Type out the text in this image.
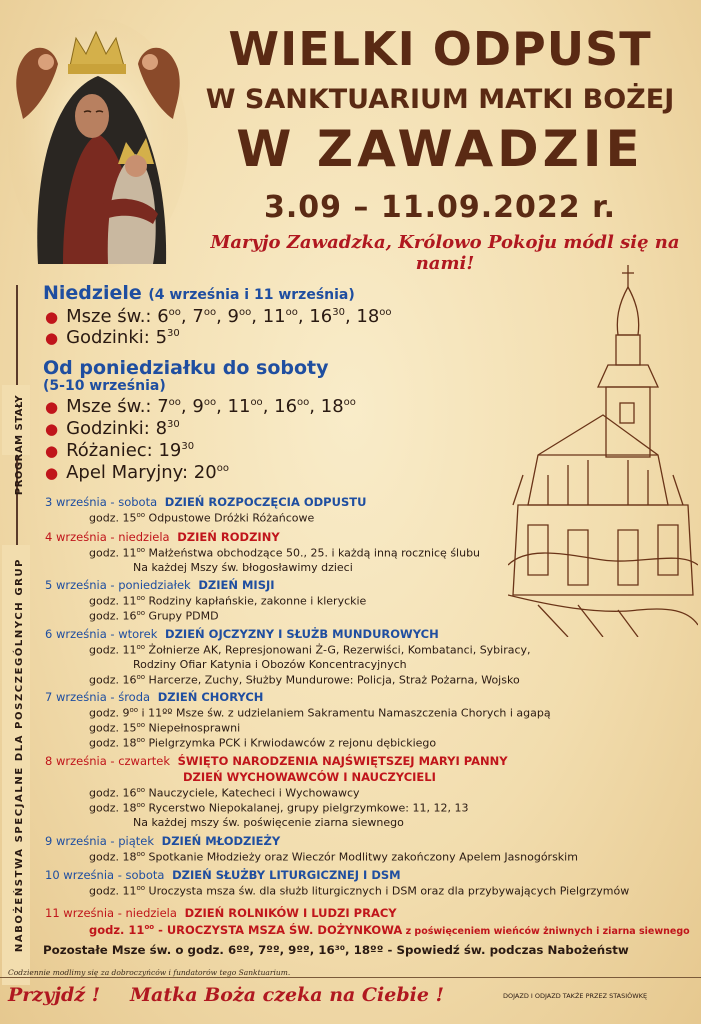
WIELKI ODPUST
W SANKTUARIUM MATKI BOŻEJ
W ZAWADZIE
3.09 – 11.09.2022 r.
Maryjo Zawadzka, Królowo Pokoju módl się na nami!
PROGRAM STAŁY
NABOŻEŃSTWA SPECJALNE DLA POSZCZEGÓLNYCH GRUP
Niedziele (4 września i 11 września)
● Msze św.: $6^{oo}$, $7^{oo}$, $9^{oo}$, $11^{oo}$, $16^{30}$, $18^{oo}$
● Godzinki: $5^{30}$
Od poniedziałku do soboty
(5-10 września)
● Msze św.: $7^{oo}$, $9^{oo}$, $11^{oo}$, $16^{oo}$, $18^{oo}$
● Godzinki: $8^{30}$
● Różaniec: $19^{30}$
● Apel Maryjny: $20^{oo}$
3 września - sobota DZIEŃ ROZPOCZĘCIA ODPUSTU
godz. $15^{oo}$ Odpustowe Dróżki Różańcowe
4 września - niedziela DZIEŃ RODZINY
godz. $11^{oo}$ Małżeństwa obchodzące 50., 25. i każdą inną rocznicę ślubu
Na każdej Mszy św. błogosławimy dzieci
5 września - poniedziałek DZIEŃ MISJI
godz. $11^{oo}$ Rodziny kapłańskie, zakonne i kleryckie
godz. $16^{oo}$ Grupy PDMD
6 września - wtorek DZIEŃ OJCZYZNY I SŁUŻB MUNDUROWYCH
godz. $11^{oo}$ Żołnierze AK, Represjonowani Ż-G, Rezerwiści, Kombatanci, Sybiracy,
Rodziny Ofiar Katynia i Obozów Koncentracyjnych
godz. $16^{oo}$ Harcerze, Zuchy, Służby Mundurowe: Policja, Straż Pożarna, Wojsko
7 września - środa DZIEŃ CHORYCH
godz. $9^{oo}$ i 11ºº Msze św. z udzielaniem Sakramentu Namaszczenia Chorych i agapą
godz. $15^{oo}$ Niepełnosprawni
godz. $18^{oo}$ Pielgrzymka PCK i Krwiodawców z rejonu dębickiego
8 września - czwartek ŚWIĘTO NARODZENIA NAJŚWIĘTSZEJ MARYI PANNY
DZIEŃ WYCHOWAWCÓW I NAUCZYCIELI
godz. $16^{oo}$ Nauczyciele, Katecheci i Wychowawcy
godz. $18^{oo}$ Rycerstwo Niepokalanej, grupy pielgrzymkowe: 11, 12, 13
Na każdej mszy św. poświęcenie ziarna siewnego
9 września - piątek DZIEŃ MŁODZIEŻY
godz. $18^{oo}$ Spotkanie Młodzieży oraz Wieczór Modlitwy zakończony Apelem Jasnogórskim
10 września - sobota DZIEŃ SŁUŻBY LITURGICZNEJ I DSM
godz. $11^{oo}$ Uroczysta msza św. dla służb liturgicznych i DSM oraz dla przybywających Pielgrzymów
11 września - niedziela DZIEŃ ROLNIKÓW I LUDZI PRACY
godz. $11^{oo}$ - UROCZYSTA MSZA ŚW. DOŻYNKOWA z poświęceniem wieńców żniwnych i ziarna siewnego
Pozostałe Msze św. o godz. 6ºº, 7ºº, 9ºº, 16³⁰, 18ºº - Spowiedź św. podczas Nabożeństw
Codziennie modlimy się za dobroczyńców i fundatorów tego Sanktuarium.
Przyjdź ! Matka Boża czeka na Ciebie !	DOJAZD I ODJAZD TAKŻE PRZEZ STASIÓWKĘ
